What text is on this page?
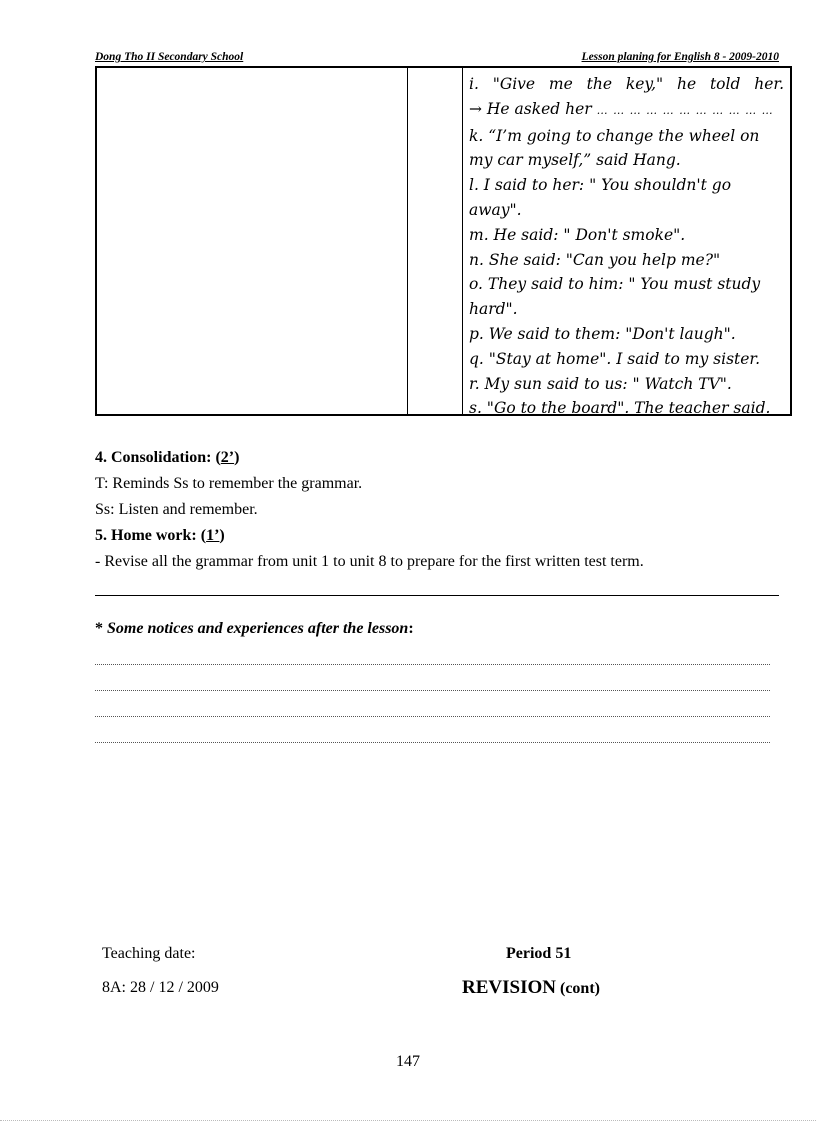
Dong Tho II Secondary School	Lesson planing for English 8 - 2009-2010
i. "Give me the key," he told her.
→ He asked her … … … … … … … … … … …
k. “I’m going to change the wheel on my car myself,” said Hang.
l. I said to her: " You shouldn't go away".
m. He said: " Don't smoke".
n. She said: "Can you help me?"
o. They said to him: " You must study hard".
p. We said to them: "Don't laugh".
q. "Stay at home". I said to my sister.
r. My sun said to us: " Watch TV".
s. "Go to the board". The teacher said.
4. Consolidation: (2’)
T: Reminds Ss to remember the grammar.
Ss: Listen and remember.
5. Home work: (1’)
- Revise all the grammar from unit 1 to unit 8 to prepare for the first written test term.
* Some notices and experiences after the lesson:
Teaching date:
8A: 28 / 12 / 2009
Period 51
REVISION (cont)
147
